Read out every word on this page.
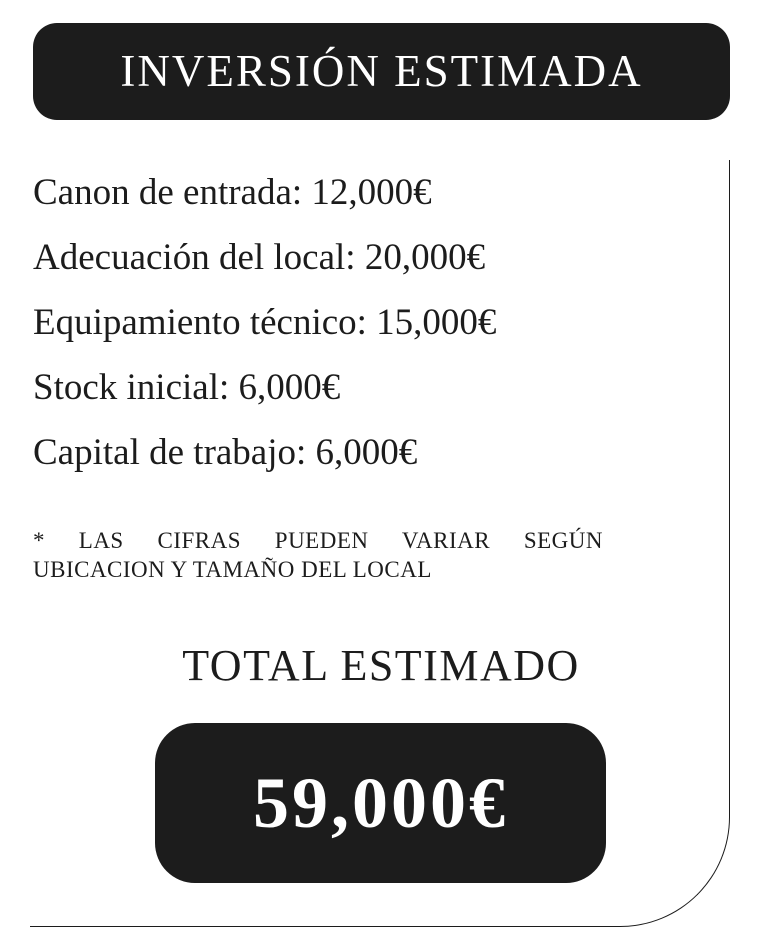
INVERSIÓN ESTIMADA
Canon de entrada: 12,000€
Adecuación del local: 20,000€
Equipamiento técnico: 15,000€
Stock inicial: 6,000€
Capital de trabajo: 6,000€
* LAS CIFRAS PUEDEN VARIAR SEGÚN UBICACION Y TAMAÑO DEL LOCAL
TOTAL ESTIMADO
59,000€
